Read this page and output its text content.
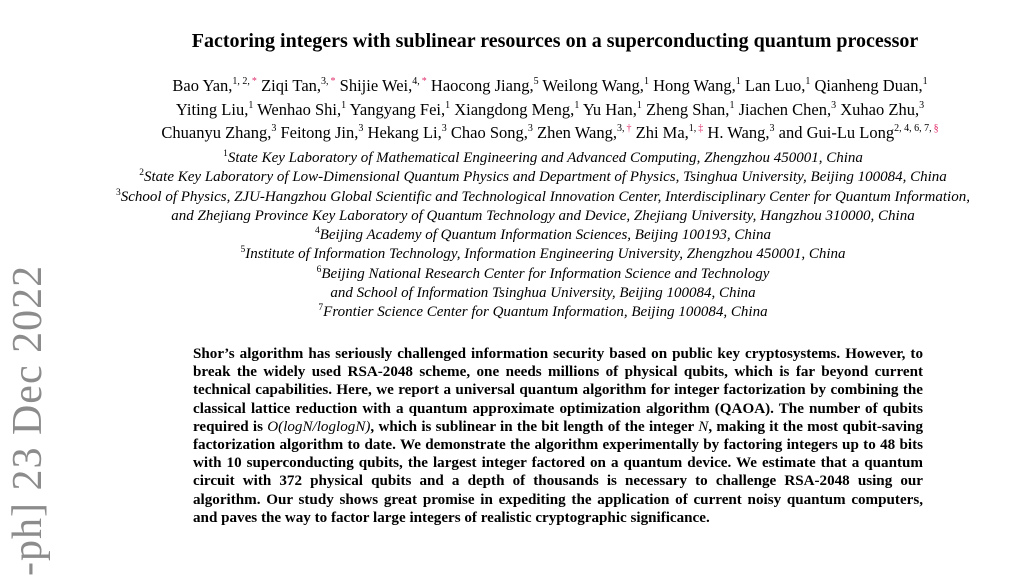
-ph] 23 Dec 2022
Factoring integers with sublinear resources on a superconducting quantum processor
Bao Yan,$^{1, 2,}$ * Ziqi Tan,$^{3,}$ * Shijie Wei,$^{4,}$ * Haocong Jiang,$^5$ Weilong Wang,$^1$ Hong Wang,$^1$ Lan Luo,$^1$ Qianheng Duan,$^1$
Yiting Liu,$^1$ Wenhao Shi,$^1$ Yangyang Fei,$^1$ Xiangdong Meng,$^1$ Yu Han,$^1$ Zheng Shan,$^1$ Jiachen Chen,$^3$ Xuhao Zhu,$^3$
Chuanyu Zhang,$^3$ Feitong Jin,$^3$ Hekang Li,$^3$ Chao Song,$^3$ Zhen Wang,$^{3,}$ † Zhi Ma,$^{1,}$ ‡ H. Wang,$^3$ and Gui-Lu Long$^{2, 4, 6, 7,}$ §
$^1$State Key Laboratory of Mathematical Engineering and Advanced Computing, Zhengzhou 450001, China
$^2$State Key Laboratory of Low-Dimensional Quantum Physics and Department of Physics, Tsinghua University, Beijing 100084, China
$^3$School of Physics, ZJU-Hangzhou Global Scientific and Technological Innovation Center, Interdisciplinary Center for Quantum Information,
and Zhejiang Province Key Laboratory of Quantum Technology and Device, Zhejiang University, Hangzhou 310000, China
$^4$Beijing Academy of Quantum Information Sciences, Beijing 100193, China
$^5$Institute of Information Technology, Information Engineering University, Zhengzhou 450001, China
$^6$Beijing National Research Center for Information Science and Technology
and School of Information Tsinghua University, Beijing 100084, China
$^7$Frontier Science Center for Quantum Information, Beijing 100084, China
Shor’s algorithm has seriously challenged information security based on public key cryptosystems. However, to break the widely used RSA-2048 scheme, one needs millions of physical qubits, which is far beyond current technical capabilities. Here, we report a universal quantum algorithm for integer factorization by combining the classical lattice reduction with a quantum approximate optimization algorithm (QAOA). The number of qubits required is O(logN/loglogN), which is sublinear in the bit length of the integer N, making it the most qubit-saving factorization algorithm to date. We demonstrate the algorithm experimentally by factoring integers up to 48 bits with 10 superconducting qubits, the largest integer factored on a quantum device. We estimate that a quantum circuit with 372 physical qubits and a depth of thousands is necessary to challenge RSA-2048 using our algorithm. Our study shows great promise in expediting the application of current noisy quantum computers, and paves the way to factor large integers of realistic cryptographic significance.
